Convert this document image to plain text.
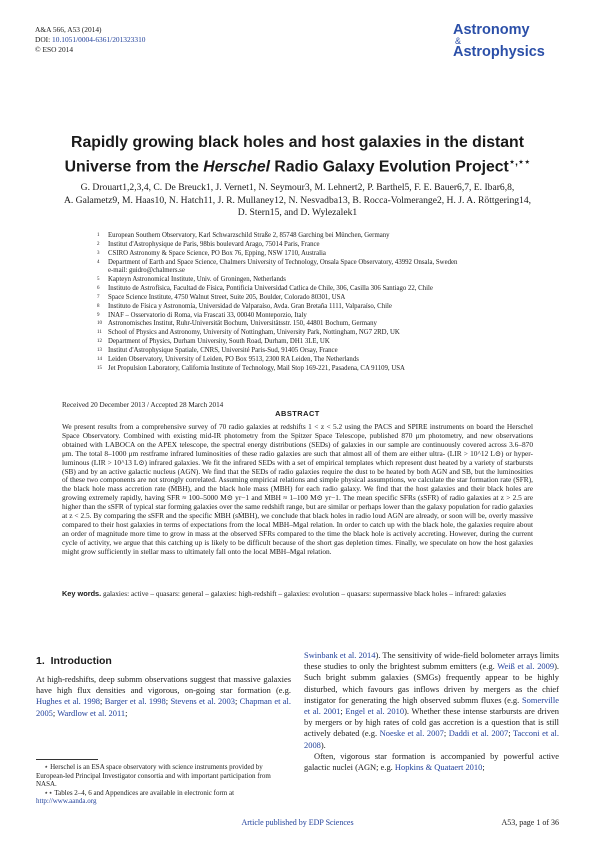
A&A 566, A53 (2014)
DOI: 10.1051/0004-6361/201323310
© ESO 2014
Astronomy
&
Astrophysics
Rapidly growing black holes and host galaxies in the distant
Universe from the Herschel Radio Galaxy Evolution Project⋆,⋆⋆
G. Drouart1,2,3,4, C. De Breuck1, J. Vernet1, N. Seymour3, M. Lehnert2, P. Barthel5, F. E. Bauer6,7, E. Ibar6,8,
A. Galametz9, M. Haas10, N. Hatch11, J. R. Mullaney12, N. Nesvadba13, B. Rocca-Volmerange2, H. J. A. Röttgering14,
D. Stern15, and D. Wylezalek1
1	European Southern Observatory, Karl Schwarzschild Straße 2, 85748 Garching bei München, Germany
2	Institut d'Astrophysique de Paris, 98bis boulevard Arago, 75014 Paris, France
3	CSIRO Astronomy & Space Science, PO Box 76, Epping, NSW 1710, Australia
4	Department of Earth and Space Science, Chalmers University of Technology, Onsala Space Observatory, 43992 Onsala, Sweden
e-mail: guidro@chalmers.se
5	Kapteyn Astronomical Institute, Univ. of Groningen, Netherlands
6	Instituto de Astrofísica, Facultad de Física, Pontificia Universidad Catlica de Chile, 306, Casilla 306 Santiago 22, Chile
7	Space Science Institute, 4750 Walnut Street, Suite 205, Boulder, Colorado 80301, USA
8	Instituto de Física y Astronomía, Universidad de Valparaíso, Avda. Gran Bretaña 1111, Valparaíso, Chile
9	INAF – Osservatorio di Roma, via Frascati 33, 00040 Monteporzio, Italy
10 Astronomisches Institut, Ruhr-Universität Bochum, Universitätsstr. 150, 44801 Bochum, Germany
11 School of Physics and Astronomy, University of Nottingham, University Park, Nottingham, NG7 2RD, UK
12 Department of Physics, Durham University, South Road, Durham, DH1 3LE, UK
13 Institut d'Astrophysique Spatiale, CNRS, Université Paris-Sud, 91405 Orsay, France
14 Leiden Observatory, University of Leiden, PO Box 9513, 2300 RA Leiden, The Netherlands
15 Jet Propulsion Laboratory, California Institute of Technology, Mail Stop 169-221, Pasadena, CA 91109, USA
Received 20 December 2013 / Accepted 28 March 2014
ABSTRACT
We present results from a comprehensive survey of 70 radio galaxies at redshifts 1 < z < 5.2 using the PACS and SPIRE instruments on board the Herschel Space Observatory. Combined with existing mid-IR photometry from the Spitzer Space Telescope, published 870 μm photometry, and new observations obtained with LABOCA on the APEX telescope, the spectral energy distributions (SEDs) of galaxies in our sample are continuously covered across 3.6–870 μm. The total 8–1000 μm restframe infrared luminosities of these radio galaxies are such that almost all of them are either ultra- (LIR > 10^12 L⊙) or hyper-luminous (LIR > 10^13 L⊙) infrared galaxies. We fit the infrared SEDs with a set of empirical templates which represent dust heated by a variety of starbursts (SB) and by an active galactic nucleus (AGN). We find that the SEDs of radio galaxies require the dust to be heated by both AGN and SB, but the luminosities of these two components are not strongly correlated. Assuming empirical relations and simple physical assumptions, we calculate the star formation rate (SFR), the black hole mass accretion rate (ṀBH), and the black hole mass (MBH) for each radio galaxy. We find that the host galaxies and their black holes are growing extremely rapidly, having SFR ≈ 100–5000 M⊙ yr−1 and ṀBH ≈ 1–100 M⊙ yr−1. The mean specific SFRs (sSFR) of radio galaxies at z > 2.5 are higher than the sSFR of typical star forming galaxies over the same redshift range, but are similar or perhaps lower than the galaxy population for radio galaxies at z < 2.5. By comparing the sSFR and the specific ṀBH (sṀBH), we conclude that black holes in radio loud AGN are already, or soon will be, overly massive compared to their host galaxies in terms of expectations from the local MBH–Mgal relation. In order to catch up with the black hole, the galaxies require about an order of magnitude more time to grow in mass at the observed SFRs compared to the time the black hole is actively accreting. However, during the current cycle of activity, we argue that this catching up is likely to be difficult because of the short gas depletion times. Finally, we speculate on how the host galaxies might grow sufficiently in stellar mass to ultimately fall onto the local MBH–Mgal relation.
Key words. galaxies: active – quasars: general – galaxies: high-redshift – galaxies: evolution – quasars: supermassive black holes – infrared: galaxies
1. Introduction

At high-redshifts, deep submm observations suggest that massive galaxies have high flux densities and vigorous, on-going star formation (e.g. Hughes et al. 1998; Barger et al. 1998; Stevens et al. 2003; Chapman et al. 2005; Wardlow et al. 2011;

Swinbank et al. 2014). The sensitivity of wide-field bolometer arrays limits these studies to only the brightest submm emitters (e.g. Weiß et al. 2009). Such bright submm galaxies (SMGs) frequently appear to be highly disturbed, which favours gas inflows driven by mergers as the chief instigator for generating the high observed submm fluxes (e.g. Somerville et al. 2001; Engel et al. 2010). Whether these intense starbursts are driven by mergers or by high rates of cold gas accretion is a question that is still actively debated (e.g. Noeske et al. 2007; Daddi et al. 2007; Tacconi et al. 2008).

Often, vigorous star formation is accompanied by powerful active galactic nuclei (AGN; e.g. Hopkins & Quataert 2010;

⋆ Herschel is an ESA space observatory with science instruments provided by European-led Principal Investigator consortia and with important participation from NASA.

⋆⋆ Tables 2–4, 6 and Appendices are available in electronic form at http://www.aanda.org

Article published by EDP Sciences	A53, page 1 of 36
